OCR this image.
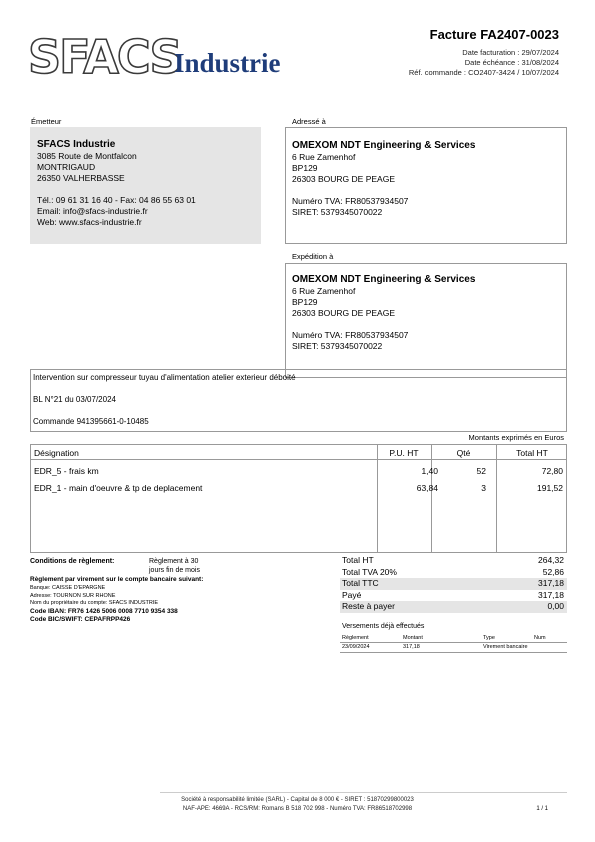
SFACS
Industrie
Facture FA2407-0023
Date facturation : 29/07/2024
Date échéance : 31/08/2024
Réf. commande : CO2407-3424 / 10/07/2024
Émetteur
SFACS Industrie
3085 Route de Montfalcon
MONTRIGAUD
26350 VALHERBASSE
Tél.: 09 61 31 16 40 - Fax: 04 86 55 63 01
Email: info@sfacs-industrie.fr
Web: www.sfacs-industrie.fr
Adressé à
OMEXOM NDT Engineering & Services
6 Rue Zamenhof
BP129
26303 BOURG DE PEAGE
Numéro TVA: FR80537934507
SIRET: 5379345070022
Expédition à
OMEXOM NDT Engineering & Services
6 Rue Zamenhof
BP129
26303 BOURG DE PEAGE
Numéro TVA: FR80537934507
SIRET: 5379345070022
Intervention sur compresseur tuyau d'alimentation atelier exterieur déboité
BL N°21 du 03/07/2024
Commande 941395661-0-10485
Montants exprimés en Euros
Désignation	P.U. HT	Qté	Total HT
EDR_5 - frais km	1,40	52	72,80
EDR_1 - main d'oeuvre & tp de deplacement	63,84	3	191,52
Conditions de règlement:	Règlement à 30 jours fin de mois
Règlement par virement sur le compte bancaire suivant:
Banque: CAISSE D'EPARGNE
Adresse: TOURNON SUR RHONE
Nom du propriétaire du compte: SFACS INDUSTRIE
Code IBAN: FR76 1426 5006 0008 7710 9354 338
Code BIC/SWIFT: CEPAFRPP426
Total HT	264,32
Total TVA 20%	52,86
Total TTC	317,18
Payé	317,18
Reste à payer	0,00
Versements déjà effectués
Règlement	Montant	Type	Num
23/09/2024	317,18	Virement bancaire
Société à responsabilité limitée (SARL) - Capital de 8 000 € - SIRET : 51870299800023
NAF-APE: 4669A - RCS/RM: Romans B 518 702 998 - Numéro TVA: FR86518702998	1 / 1
